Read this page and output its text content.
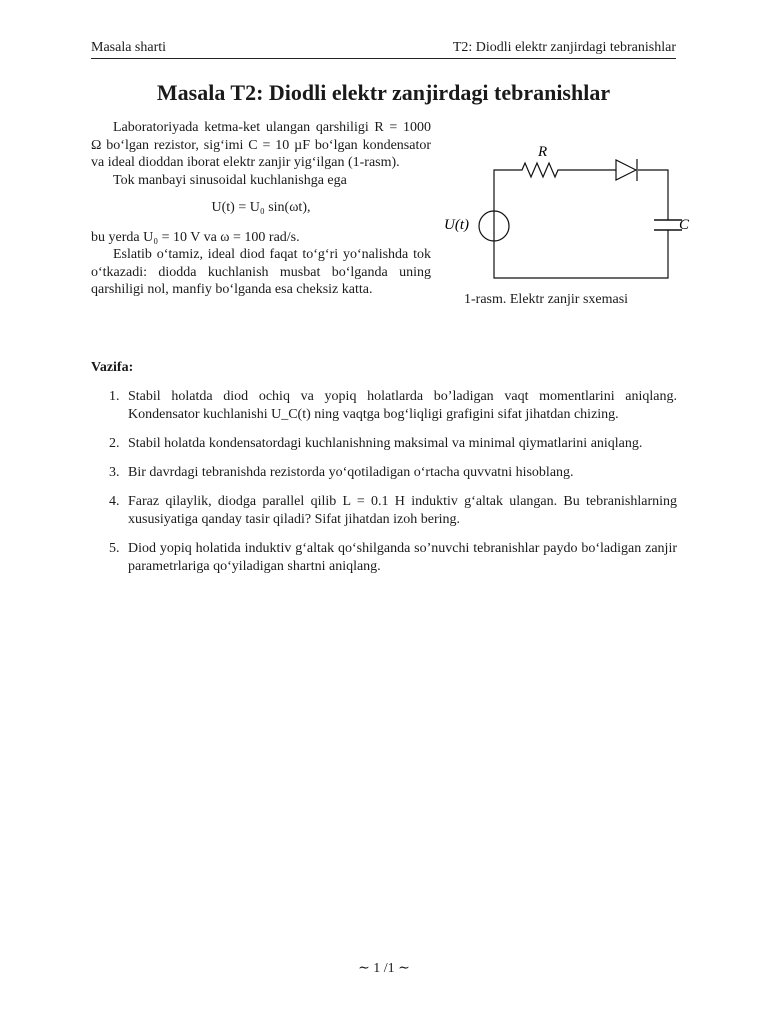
Masala sharti	T2: Diodli elektr zanjirdagi tebranishlar
Masala T2: Diodli elektr zanjirdagi tebranishlar

Laboratoriyada ketma-ket ulangan qarshiligi R = 1000 Ω bo‘lgan rezistor, sig‘imi C = 10 µF bo‘lgan kondensator va ideal dioddan iborat elektr zanjir yig‘ilgan (1-rasm).

Tok manbayi sinusoidal kuchlanishga ega

U(t) = U₀ sin(ωt),

bu yerda U₀ = 10 V va ω = 100 rad/s.

Eslatib o‘tamiz, ideal diod faqat to‘g‘ri yo‘nalishda tok o‘tkazadi: diodda kuchlanish musbat bo‘lganda uning qarshiligi nol, manfiy bo‘lganda esa cheksiz katta.

R
C
U(t)
1-rasm. Elektr zanjir sxemasi
Vazifa:
1. Stabil holatda diod ochiq va yopiq holatlarda bo’ladigan vaqt momentlarini aniqlang. Kondensator kuchlanishi U_C(t) ning vaqtga bog‘liqligi grafigini sifat jihatdan chizing.
2. Stabil holatda kondensatordagi kuchlanishning maksimal va minimal qiymatlarini aniqlang.
3. Bir davrdagi tebranishda rezistorda yo‘qotiladigan o‘rtacha quvvatni hisoblang.
4. Faraz qilaylik, diodga parallel qilib L = 0.1 H induktiv g‘altak ulangan. Bu tebranishlarning xususiyatiga qanday tasir qiladi? Sifat jihatdan izoh bering.
5. Diod yopiq holatida induktiv g‘altak qo‘shilganda so’nuvchi tebranishlar paydo bo‘ladigan zanjir parametrlariga qo‘yiladigan shartni aniqlang.
∼ 1 /1 ∼
